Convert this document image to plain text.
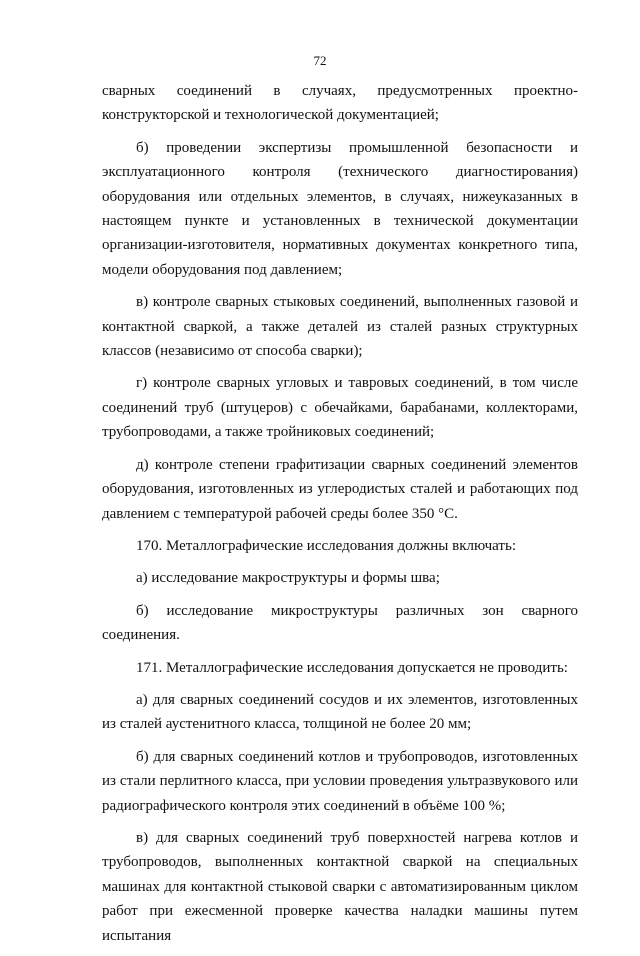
72

сварных соединений в случаях, предусмотренных проектно-конструкторской и технологической документацией;

б) проведении экспертизы промышленной безопасности и эксплуатационного контроля (технического диагностирования) оборудования или отдельных элементов, в случаях, нижеуказанных в настоящем пункте и установленных в технической документации организации-изготовителя, нормативных документах конкретного типа, модели оборудования под давлением;

в) контроле сварных стыковых соединений, выполненных газовой и контактной сваркой, а также деталей из сталей разных структурных классов (независимо от способа сварки);

г) контроле сварных угловых и тавровых соединений, в том числе соединений труб (штуцеров) с обечайками, барабанами, коллекторами, трубопроводами, а также тройниковых соединений;

д) контроле степени графитизации сварных соединений элементов оборудования, изготовленных из углеродистых сталей и работающих под давлением с температурой рабочей среды более 350 °C.

170. Металлографические исследования должны включать:

а) исследование макроструктуры и формы шва;

б) исследование микроструктуры различных зон сварного соединения.

171. Металлографические исследования допускается не проводить:

а) для сварных соединений сосудов и их элементов, изготовленных из сталей аустенитного класса, толщиной не более 20 мм;

б) для сварных соединений котлов и трубопроводов, изготовленных из стали перлитного класса, при условии проведения ультразвукового или радиографического контроля этих соединений в объёме 100 %;

в) для сварных соединений труб поверхностей нагрева котлов и трубопроводов, выполненных контактной сваркой на специальных машинах для контактной стыковой сварки с автоматизированным циклом работ при ежесменной проверке качества наладки машины путем испытания
